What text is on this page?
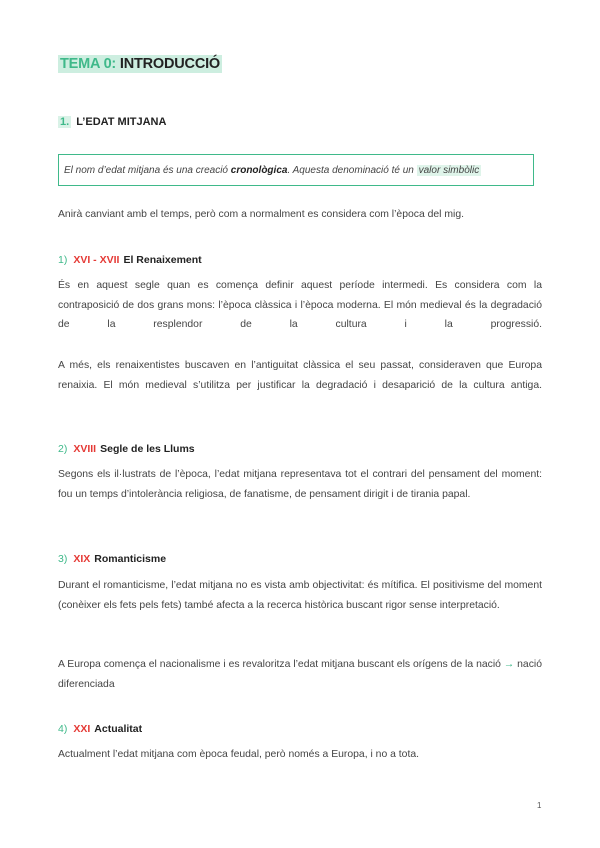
TEMA 0: INTRODUCCIÓ
1. L’EDAT MITJANA
El nom d’edat mitjana és una creació cronològica. Aquesta denominació té un valor simbòlic
Anirà canviant amb el temps, però com a normalment es considera com l’època del mig.
1) XVI - XVII El Renaixement
És en aquest segle quan es comença definir aquest període intermedi. Es considera com la contraposició de dos grans mons: l’època clàssica i l’època moderna. El món medieval és la degradació de la resplendor de la cultura i la progressió.
A més, els renaixentistes buscaven en l’antiguitat clàssica el seu passat, consideraven que Europa renaixia. El món medieval s’utilitza per justificar la degradació i desaparició de la cultura antiga.
2) XVIII Segle de les Llums
Segons els il·lustrats de l’època, l’edat mitjana representava tot el contrari del pensament del moment: fou un temps d’intolerància religiosa, de fanatisme, de pensament dirigit i de tirania papal.
3) XIX Romanticisme
Durant el romanticisme, l’edat mitjana no es vista amb objectivitat: és mítifica. El positivisme del moment (conèixer els fets pels fets) també afecta a la recerca històrica buscant rigor sense interpretació.
A Europa comença el nacionalisme i es revaloritza l’edat mitjana buscant els orígens de la nació → nació diferenciada
4) XXI Actualitat
Actualment l’edat mitjana com època feudal, però només a Europa, i no a tota.
1
